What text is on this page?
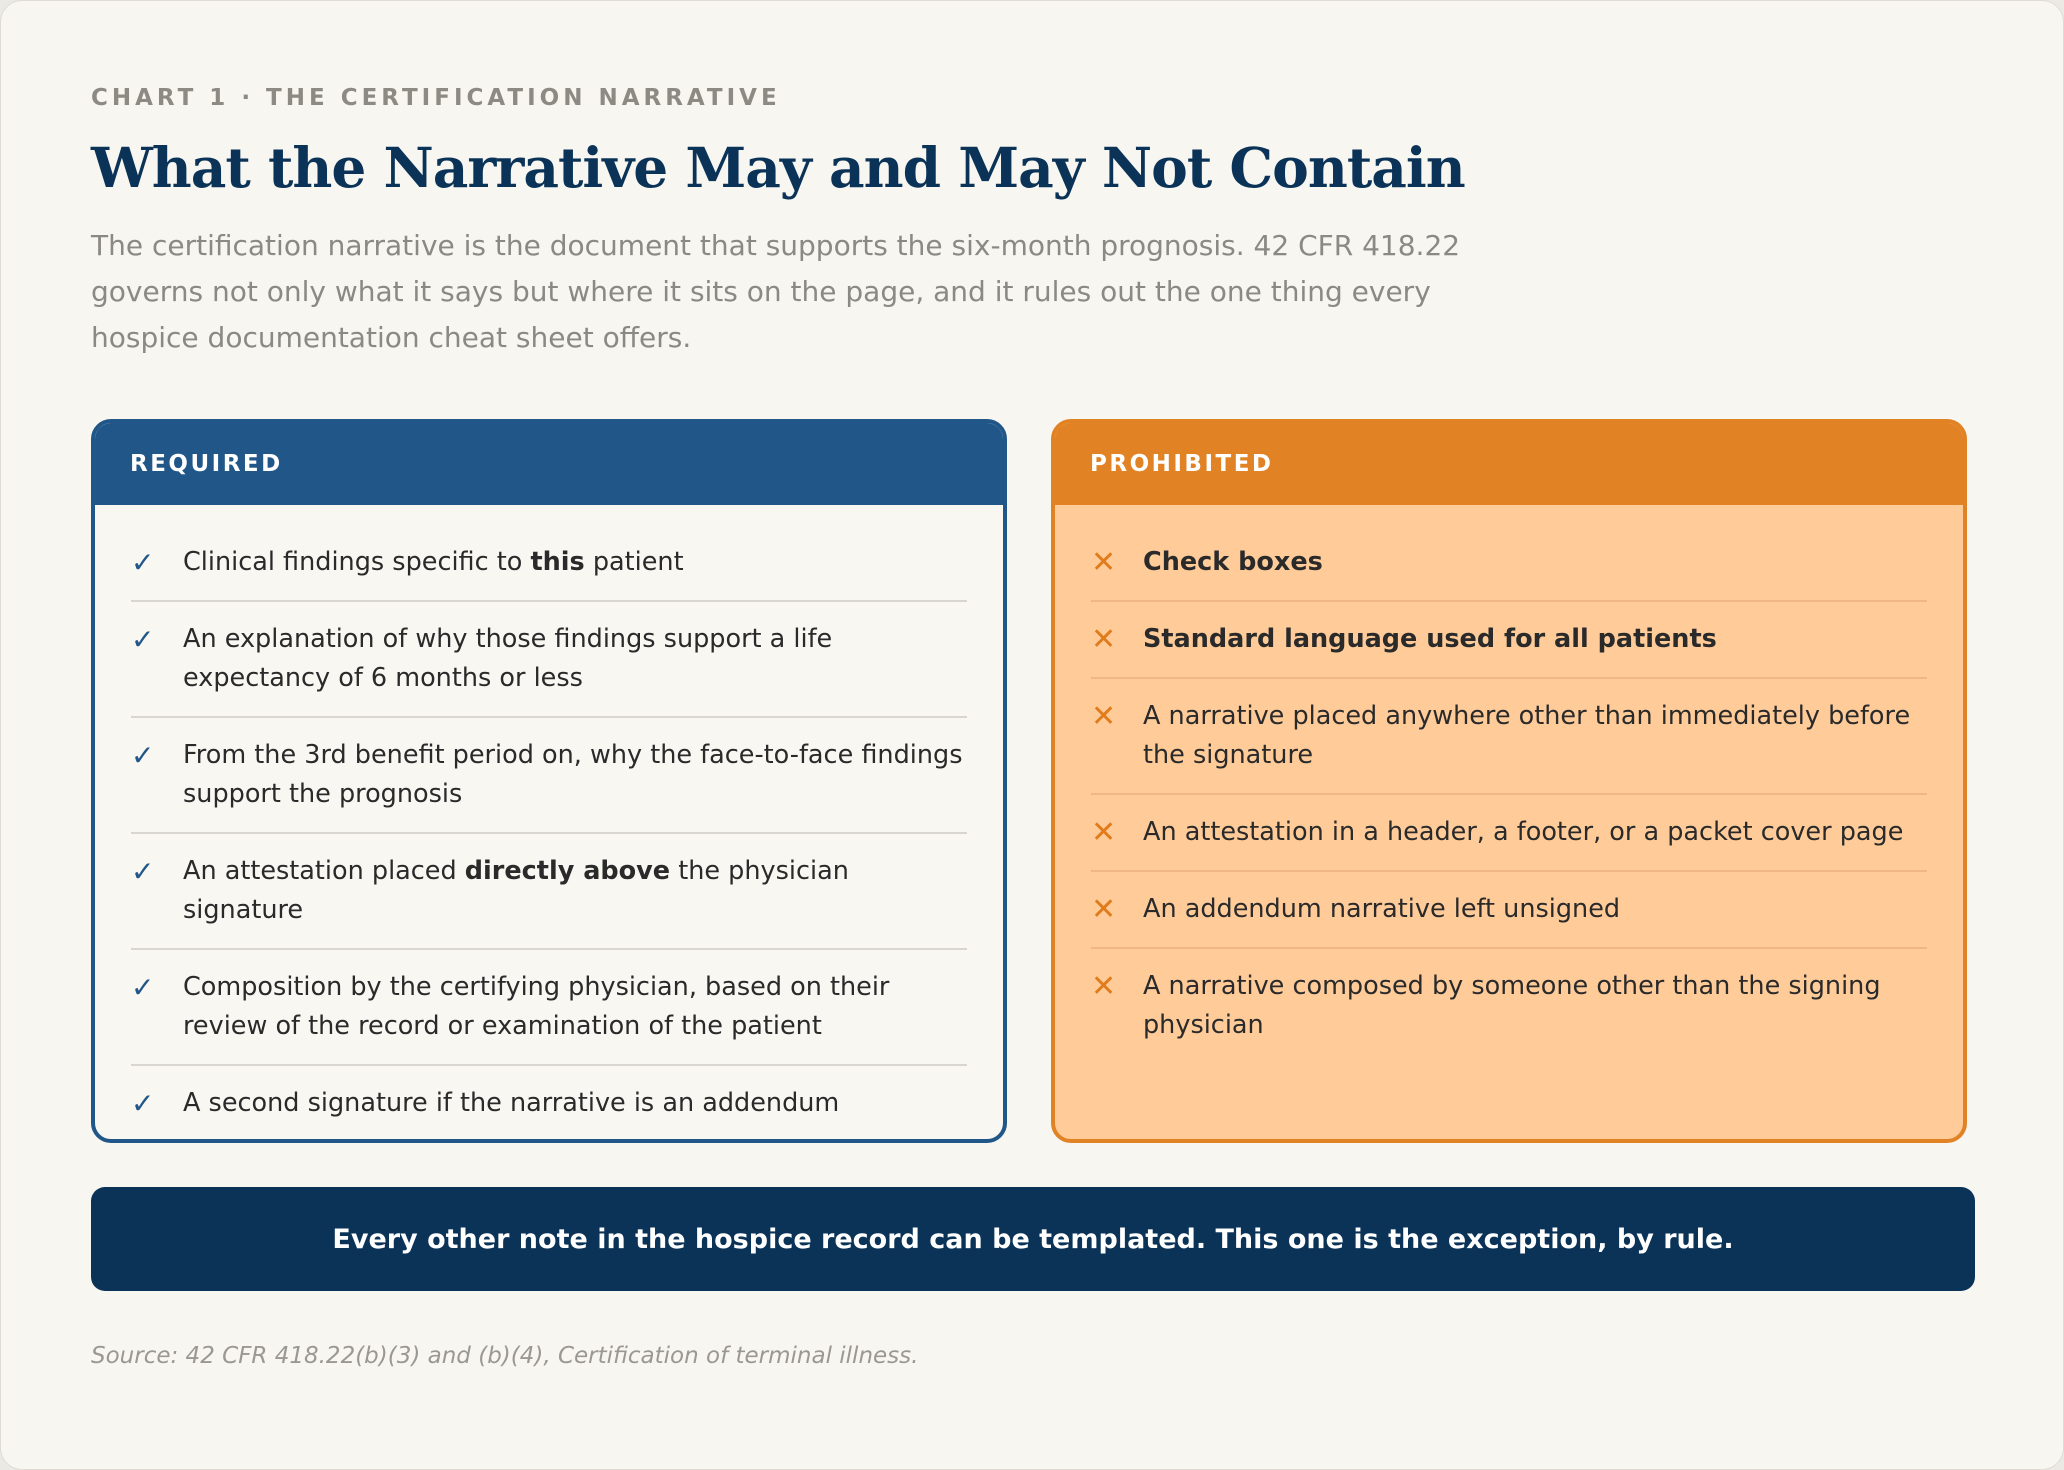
CHART 1 · THE CERTIFICATION NARRATIVE
What the Narrative May and May Not Contain

The certification narrative is the document that supports the six-month prognosis. 42 CFR 418.22 governs not only what it says but where it sits on the page, and it rules out the one thing every hospice documentation cheat sheet offers.

REQUIRED
✓	Clinical findings specific to this patient
✓	An explanation of why those findings support a life expectancy of 6 months or less
✓	From the 3rd benefit period on, why the face-to-face findings support the prognosis
✓	An attestation placed directly above the physician signature
✓	Composition by the certifying physician, based on their review of the record or examination of the patient
✓	A second signature if the narrative is an addendum
PROHIBITED
✕	Check boxes
✕	Standard language used for all patients
✕	A narrative placed anywhere other than immediately before the signature
✕	An attestation in a header, a footer, or a packet cover page
✕	An addendum narrative left unsigned
✕	A narrative composed by someone other than the signing physician
Every other note in the hospice record can be templated. This one is the exception, by rule.

Source: 42 CFR 418.22(b)(3) and (b)(4), Certification of terminal illness.
